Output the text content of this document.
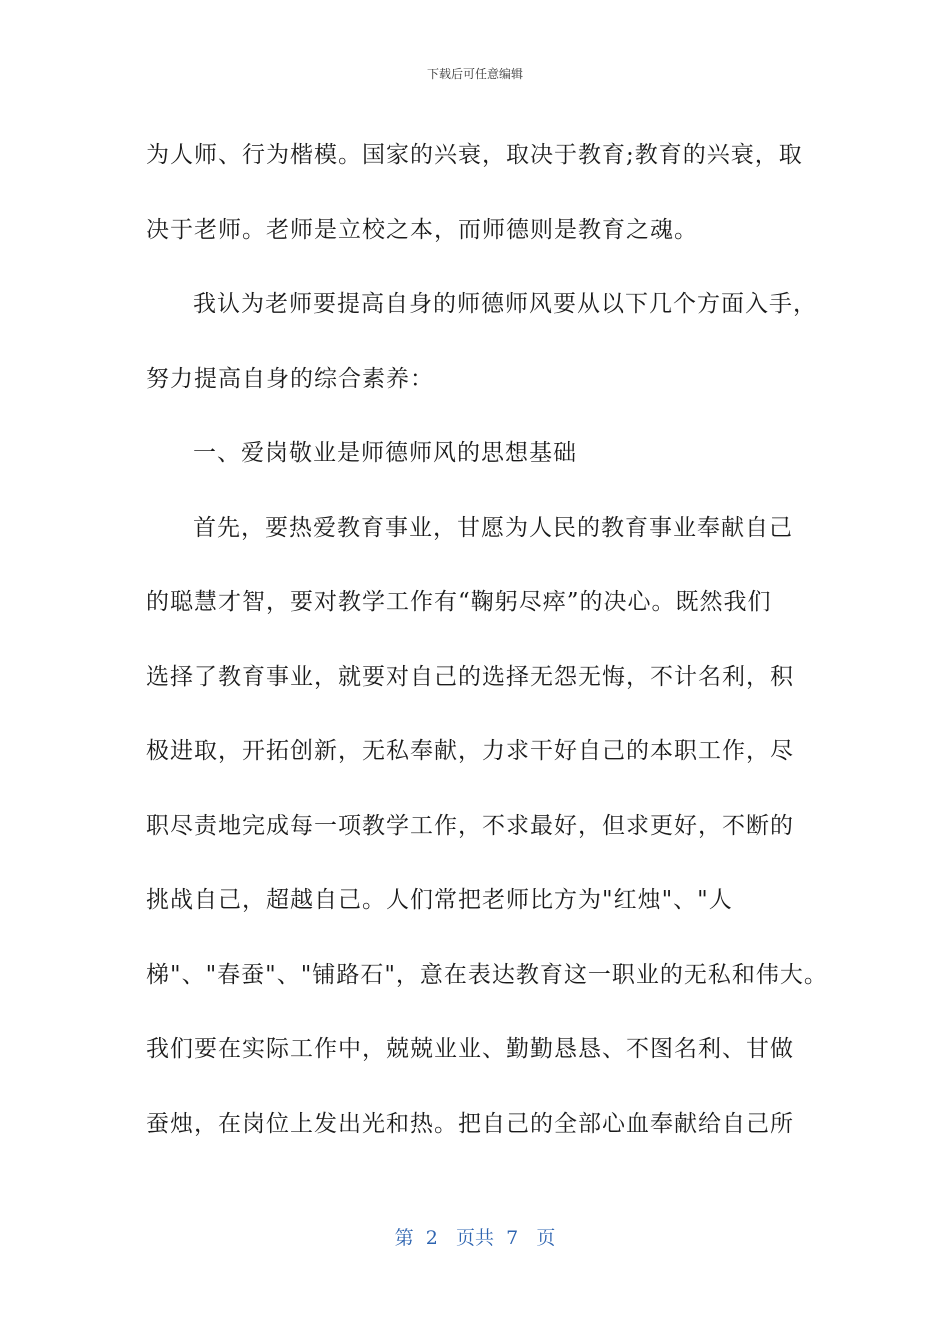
下载后可任意编辑
为人师、行为楷模。国家的兴衰，取决于教育;教育的兴衰，取
决于老师。老师是立校之本，而师德则是教育之魂。
我认为老师要提高自身的师德师风要从以下几个方面入手，
努力提高自身的综合素养：
一、爱岗敬业是师德师风的思想基础
首先，要热爱教育事业，甘愿为人民的教育事业奉献自己
的聪慧才智，要对教学工作有“鞠躬尽瘁”的决心。既然我们
选择了教育事业，就要对自己的选择无怨无悔，不计名利，积
极进取，开拓创新，无私奉献，力求干好自己的本职工作，尽
职尽责地完成每一项教学工作，不求最好，但求更好，不断的
挑战自己，超越自己。人们常把老师比方为"红烛"、"人
梯"、"春蚕"、"铺路石"，意在表达教育这一职业的无私和伟大。
我们要在实际工作中，兢兢业业、勤勤恳恳、不图名利、甘做
蚕烛，在岗位上发出光和热。把自己的全部心血奉献给自己所
第 2 页共 7 页
